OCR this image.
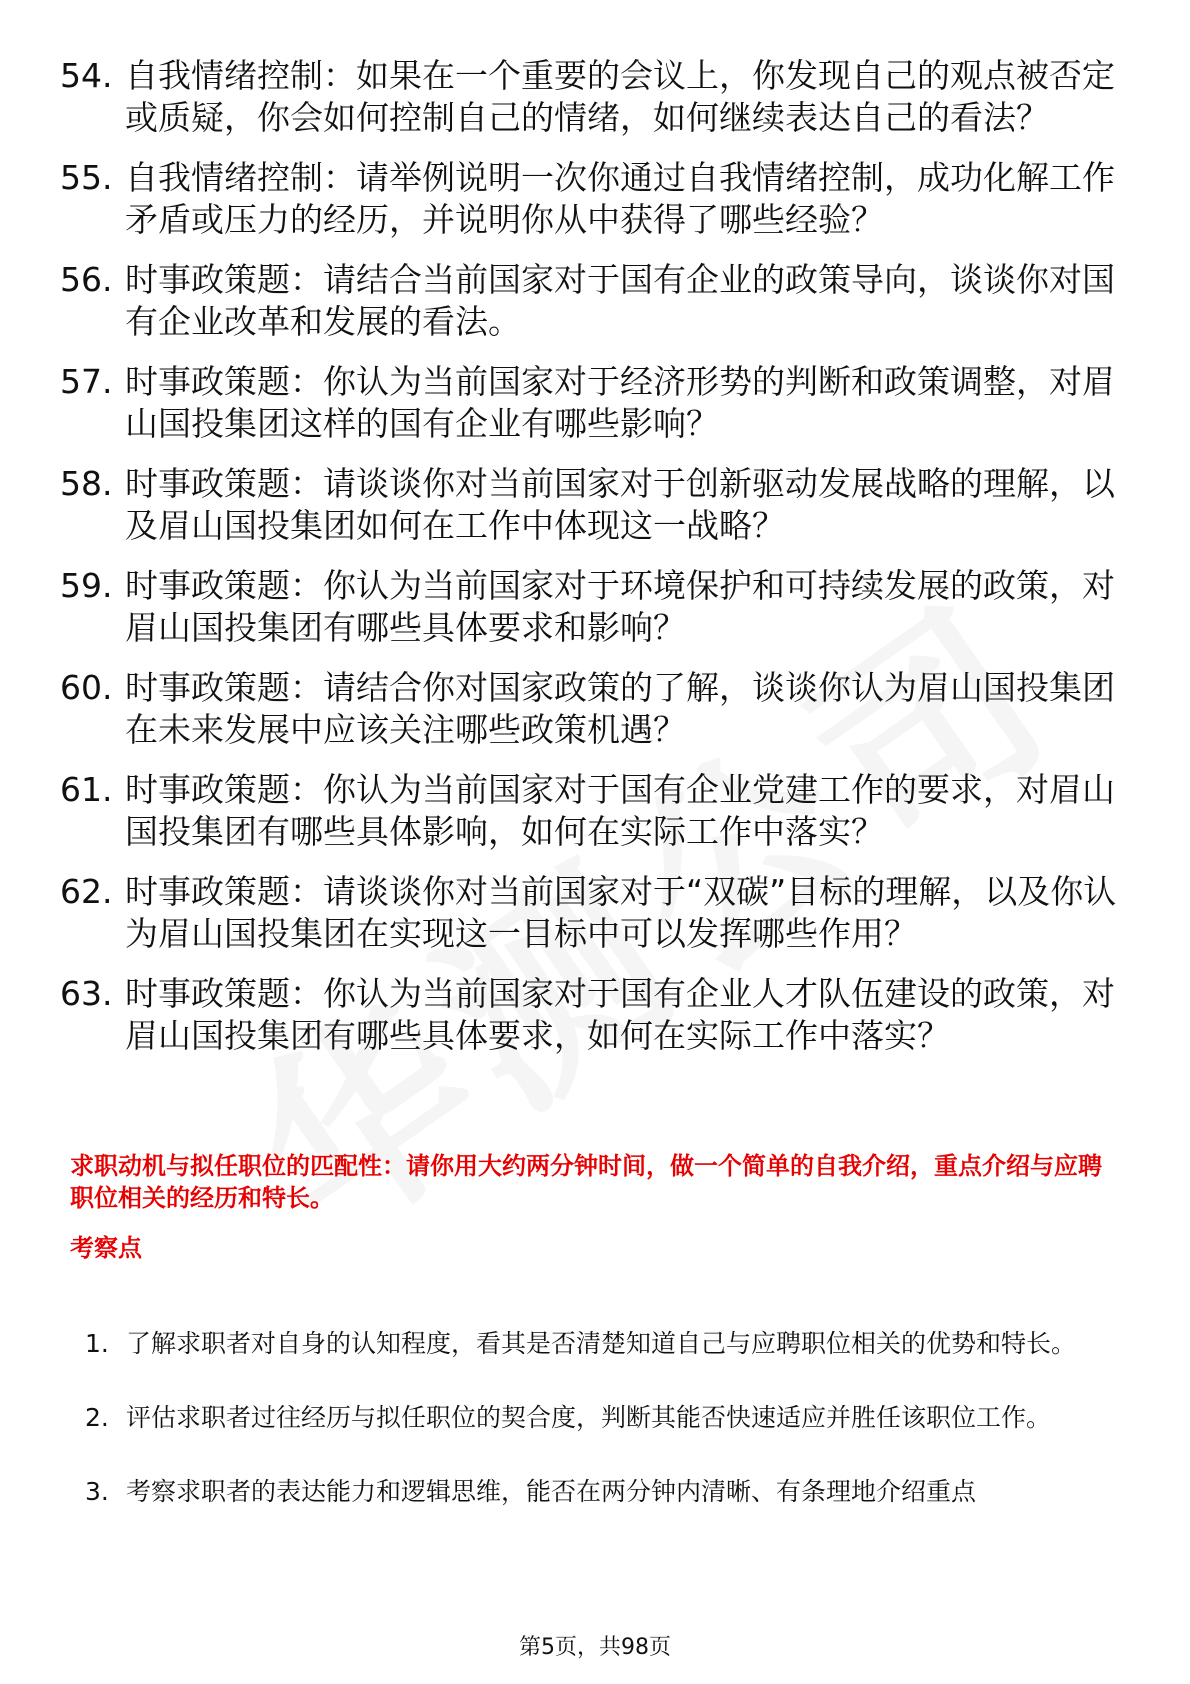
54. 自我情绪控制：如果在一个重要的会议上，你发现自己的观点被否定或质疑，你会如何控制自己的情绪，如何继续表达自己的看法？
55. 自我情绪控制：请举例说明一次你通过自我情绪控制，成功化解工作矛盾或压力的经历，并说明你从中获得了哪些经验？
56. 时事政策题：请结合当前国家对于国有企业的政策导向，谈谈你对国有企业改革和发展的看法。
57. 时事政策题：你认为当前国家对于经济形势的判断和政策调整，对眉山国投集团这样的国有企业有哪些影响？
58. 时事政策题：请谈谈你对当前国家对于创新驱动发展战略的理解，以及眉山国投集团如何在工作中体现这一战略？
59. 时事政策题：你认为当前国家对于环境保护和可持续发展的政策，对眉山国投集团有哪些具体要求和影响？
60. 时事政策题：请结合你对国家政策的了解，谈谈你认为眉山国投集团在未来发展中应该关注哪些政策机遇？
61. 时事政策题：你认为当前国家对于国有企业党建工作的要求，对眉山国投集团有哪些具体影响，如何在实际工作中落实？
62. 时事政策题：请谈谈你对当前国家对于“双碳”目标的理解，以及你认为眉山国投集团在实现这一目标中可以发挥哪些作用？
63. 时事政策题：你认为当前国家对于国有企业人才队伍建设的政策，对眉山国投集团有哪些具体要求，如何在实际工作中落实？
求职动机与拟任职位的匹配性：请你用大约两分钟时间，做一个简单的自我介绍，重点介绍与应聘职位相关的经历和特长。
考察点
1. 了解求职者对自身的认知程度，看其是否清楚知道自己与应聘职位相关的优势和特长。
2. 评估求职者过往经历与拟任职位的契合度，判断其能否快速适应并胜任该职位工作。
3. 考察求职者的表达能力和逻辑思维，能否在两分钟内清晰、有条理地介绍重点
第5页，共98页
